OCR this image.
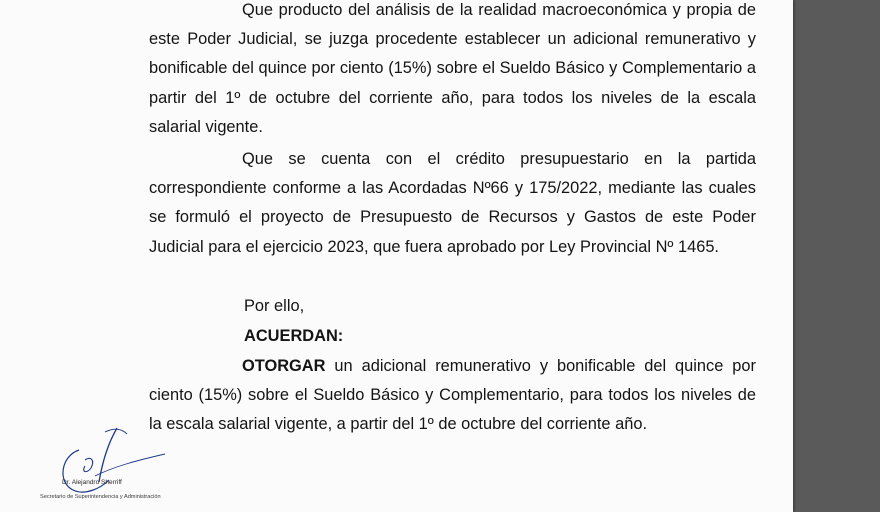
Que producto del análisis de la realidad macroeconómica y propia de este Poder Judicial, se juzga procedente establecer un adicional remunerativo y bonificable del quince por ciento (15%) sobre el Sueldo Básico y Complementario a partir del 1º de octubre del corriente año, para todos los niveles de la escala salarial vigente.
Que se cuenta con el crédito presupuestario en la partida correspondiente conforme a las Acordadas Nº66 y 175/2022, mediante las cuales se formuló el proyecto de Presupuesto de Recursos y Gastos de este Poder Judicial para el ejercicio 2023, que fuera aprobado por Ley Provincial Nº 1465.
Por ello,
ACUERDAN:
OTORGAR un adicional remunerativo y bonificable del quince por ciento (15%) sobre el Sueldo Básico y Complementario, para todos los niveles de la escala salarial vigente, a partir del 1º de octubre del corriente año.
Dr. Alejandro Sherriff
Secretario de Superintendencia y Administración
